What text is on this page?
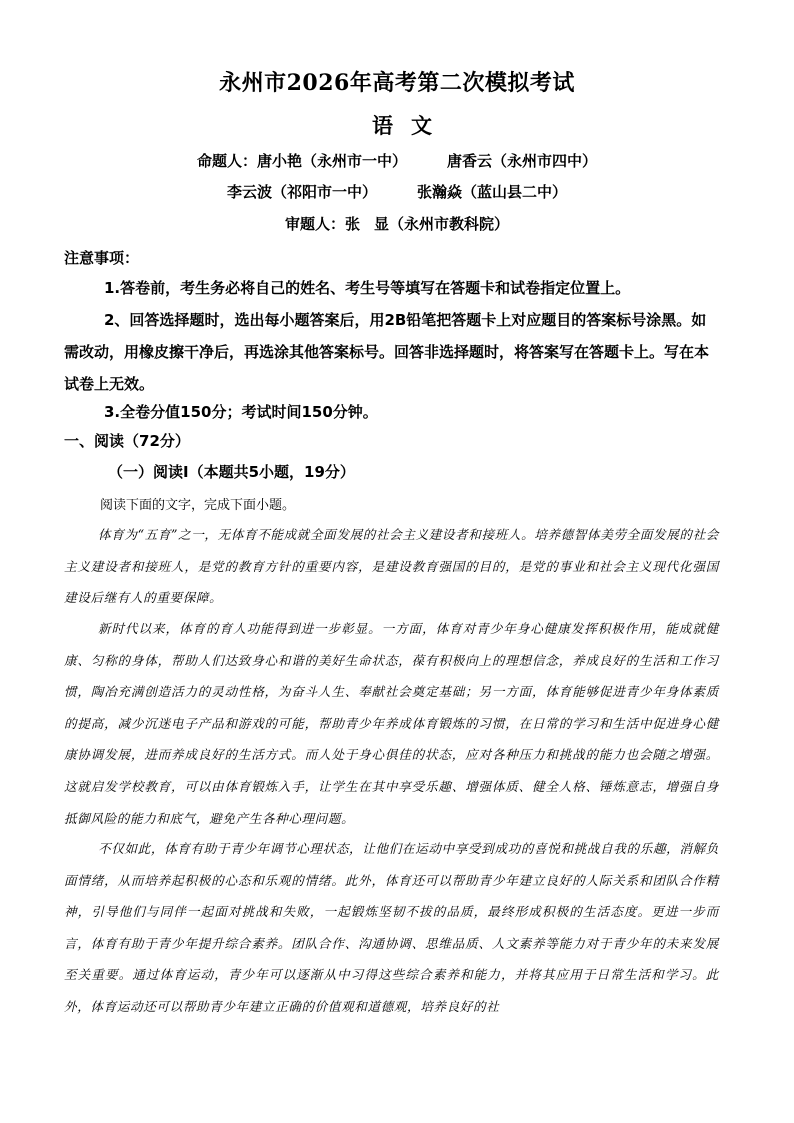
永州市2026年高考第二次模拟考试
语文
命题人：唐小艳（永州市一中）	唐香云（永州市四中）
李云波（祁阳市一中）	张瀚焱（蓝山县二中）
审题人：张 显（永州市教科院）
注意事项：
1.答卷前，考生务必将自己的姓名、考生号等填写在答题卡和试卷指定位置上。
2、回答选择题时，选出每小题答案后，用2B铅笔把答题卡上对应题目的答案标号涂黑。如需改动，用橡皮擦干净后，再选涂其他答案标号。回答非选择题时，将答案写在答题卡上。写在本试卷上无效。
3.全卷分值150分；考试时间150分钟。
一、阅读（72分）
（一）阅读Ⅰ（本题共5小题，19分）
阅读下面的文字，完成下面小题。
体育为“五育”之一，无体育不能成就全面发展的社会主义建设者和接班人。培养德智体美劳全面发展的社会主义建设者和接班人，是党的教育方针的重要内容，是建设教育强国的目的，是党的事业和社会主义现代化强国建设后继有人的重要保障。
新时代以来，体育的育人功能得到进一步彰显。一方面，体育对青少年身心健康发挥积极作用，能成就健康、匀称的身体，帮助人们达致身心和谐的美好生命状态，葆有积极向上的理想信念，养成良好的生活和工作习惯，陶冶充满创造活力的灵动性格，为奋斗人生、奉献社会奠定基础；另一方面，体育能够促进青少年身体素质的提高，减少沉迷电子产品和游戏的可能，帮助青少年养成体育锻炼的习惯，在日常的学习和生活中促进身心健康协调发展，进而养成良好的生活方式。而人处于身心俱佳的状态，应对各种压力和挑战的能力也会随之增强。这就启发学校教育，可以由体育锻炼入手，让学生在其中享受乐趣、增强体质、健全人格、锤炼意志，增强自身抵御风险的能力和底气，避免产生各种心理问题。
不仅如此，体育有助于青少年调节心理状态，让他们在运动中享受到成功的喜悦和挑战自我的乐趣，消解负面情绪，从而培养起积极的心态和乐观的情绪。此外，体育还可以帮助青少年建立良好的人际关系和团队合作精神，引导他们与同伴一起面对挑战和失败，一起锻炼坚韧不拔的品质，最终形成积极的生活态度。更进一步而言，体育有助于青少年提升综合素养。团队合作、沟通协调、思维品质、人文素养等能力对于青少年的未来发展至关重要。通过体育运动，青少年可以逐渐从中习得这些综合素养和能力，并将其应用于日常生活和学习。此外，体育运动还可以帮助青少年建立正确的价值观和道德观，培养良好的社
